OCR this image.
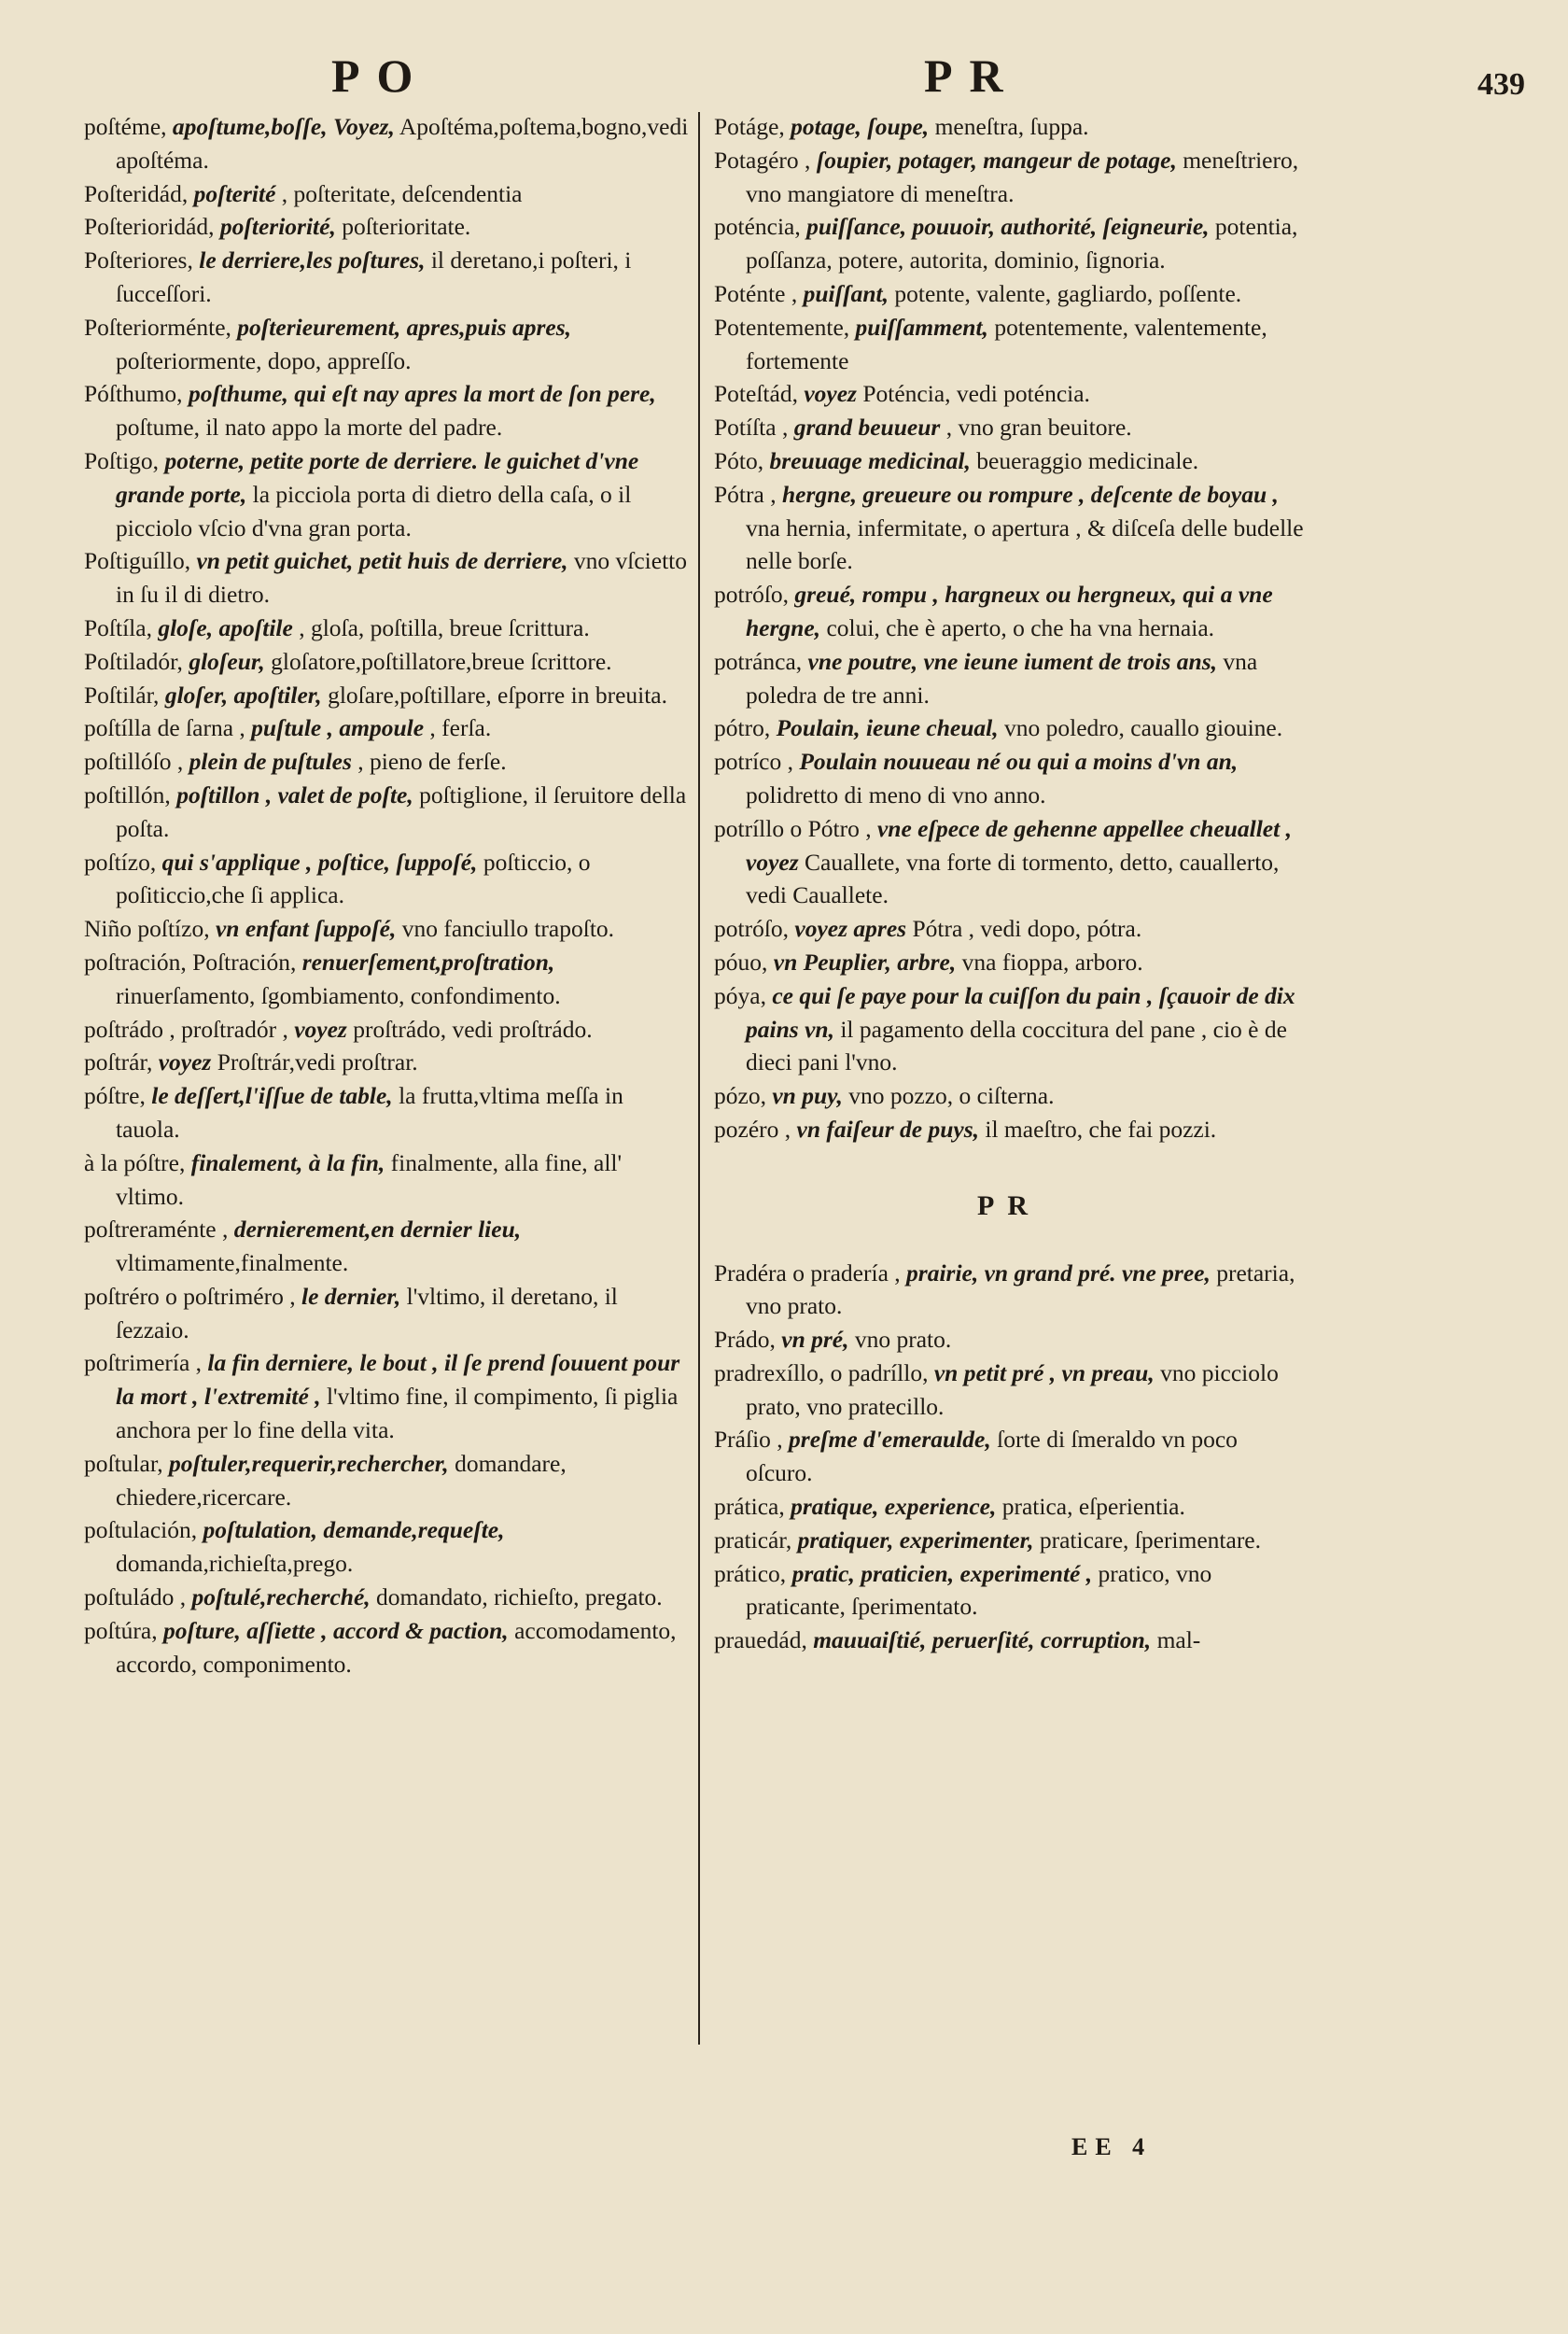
PO	PR	439

poſtéme, apoſtume,boſſe, Voyez, Apoſtéma,poſtema,bogno,vedi apoſtéma.

Poſteridád, poſterité , poſteritate, deſcendentia

Poſterioridád, poſteriorité, poſterioritate.

Poſteriores, le derriere,les poſtures, il deretano,i poſteri, i ſucceſſori.

Poſteriorménte, poſterieurement, apres,puis apres, poſteriormente, dopo, appreſſo.

Póſthumo, poſthume, qui eſt nay apres la mort de ſon pere, poſtume, il nato appo la morte del padre.

Poſtigo, poterne, petite porte de derriere. le guichet d'vne grande porte, la picciola porta di dietro della caſa, o il picciolo vſcio d'vna gran porta.

Poſtiguíllo, vn petit guichet, petit huis de derriere, vno vſcietto in ſu il di dietro.

Poſtíla, gloſe, apoſtile , gloſa, poſtilla, breue ſcrittura.

Poſtiladór, gloſeur, gloſatore,poſtillatore,breue ſcrittore.

Poſtilár, gloſer, apoſtiler, gloſare,poſtillare, eſporre in breuita.

poſtílla de ſarna , puſtule , ampoule , ferſa.

poſtillóſo , plein de puſtules , pieno de ferſe.

poſtillón, poſtillon , valet de poſte, poſtiglione, il ſeruitore della poſta.

poſtízo, qui s'applique , poſtice, ſuppoſé, poſticcio, o poſiticcio,che ſi applica.

Niño poſtízo, vn enfant ſuppoſé, vno fanciullo trapoſto.

poſtración, Poſtración, renuerſement,proſtration, rinuerſamento, ſgombiamento, confondimento.

poſtrádo , proſtradór , voyez proſtrádo, vedi proſtrádo.

poſtrár, voyez Proſtrár,vedi proſtrar.

póſtre, le deſſert,l'iſſue de table, la frutta,vltima meſſa in tauola.

à la póſtre, finalement, à la fin, finalmente, alla fine, all' vltimo.

poſtreraménte , dernierement,en dernier lieu, vltimamente,finalmente.

poſtréro o poſtriméro , le dernier, l'vltimo, il deretano, il ſezzaio.

poſtrimería , la fin derniere, le bout , il ſe prend ſouuent pour la mort , l'extremité , l'vltimo fine, il compimento, ſi piglia anchora per lo fine della vita.

poſtular, poſtuler,requerir,rechercher, domandare, chiedere,ricercare.

poſtulación, poſtulation, demande,requeſte, domanda,richieſta,prego.

poſtuládo , poſtulé,recherché, domandato, richieſto, pregato.

poſtúra, poſture, aſſiette , accord & paction, accomodamento, accordo, componimento.

Potáge, potage, ſoupe, meneſtra, ſuppa.

Potagéro , ſoupier, potager, mangeur de potage, meneſtriero, vno mangiatore di meneſtra.

poténcia, puiſſance, pouuoir, authorité, ſeigneurie, potentia, poſſanza, potere, autorita, dominio, ſignoria.

Poténte , puiſſant, potente, valente, gagliardo, poſſente.

Potentemente, puiſſamment, potentemente, valentemente, fortemente

Poteſtád, voyez Poténcia, vedi poténcia.

Potíſta , grand beuueur , vno gran beuitore.

Póto, breuuage medicinal, beueraggio medicinale.

Pótra , hergne, greueure ou rompure , deſcente de boyau , vna hernia, infermitate, o apertura , & diſceſa delle budelle nelle borſe.

potróſo, greué, rompu , hargneux ou hergneux, qui a vne hergne, colui, che è aperto, o che ha vna hernaia.

potránca, vne poutre, vne ieune iument de trois ans, vna poledra de tre anni.

pótro, Poulain, ieune cheual, vno poledro, cauallo giouine.

potríco , Poulain nouueau né ou qui a moins d'vn an, polidretto di meno di vno anno.

potríllo o Pótro , vne eſpece de gehenne appellee cheuallet , voyez Cauallete, vna forte di tormento, detto, cauallerto, vedi Cauallete.

potróſo, voyez apres Pótra , vedi dopo, pótra.

póuo, vn Peuplier, arbre, vna fioppa, arboro.

póya, ce qui ſe paye pour la cuiſſon du pain , ſçauoir de dix pains vn, il pagamento della coccitura del pane , cio è de dieci pani l'vno.

pózo, vn puy, vno pozzo, o ciſterna.

pozéro , vn faiſeur de puys, il maeſtro, che fai pozzi.

PR

Pradéra o pradería , prairie, vn grand pré. vne pree, pretaria, vno prato.

Prádo, vn pré, vno prato.

pradrexíllo, o padríllo, vn petit pré , vn preau, vno picciolo prato, vno pratecillo.

Práſio , preſme d'emeraulde, ſorte di ſmeraldo vn poco oſcuro.

prática, pratique, experience, pratica, eſperientia.

praticár, pratiquer, experimenter, praticare, ſperimentare.

prático, pratic, praticien, experimenté , pratico, vno praticante, ſperimentato.

prauedád, mauuaiſtié, peruerſité, corruption, mal-

EE 4
